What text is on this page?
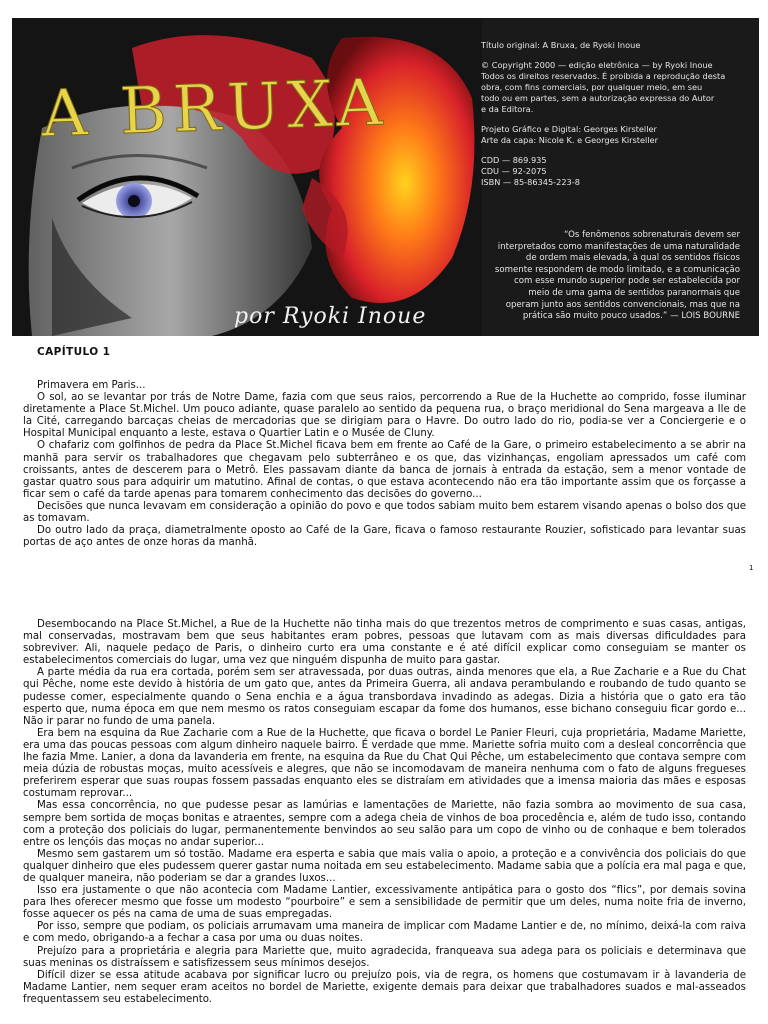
A BRUXA
por Ryoki Inoue

Título original: A Bruxa, de Ryoki Inoue

© Copyright 2000 — edição eletrônica — by Ryoki Inoue
Todos os direitos reservados. É proibida a reprodução desta
obra, com fins comerciais, por qualquer meio, em seu
todo ou em partes, sem a autorização expressa do Autor
e da Editora.

Projeto Gráfico e Digital: Georges Kirsteller
Arte da capa: Nicole K. e Georges Kirsteller

CDD — 869.935
CDU — 92-2075
ISBN — 85-86345-223-8

“Os fenômenos sobrenaturais devem ser
interpretados como manifestações de uma naturalidade
de ordem mais elevada, à qual os sentidos físicos
somente respondem de modo limitado, e a comunicação
com esse mundo superior pode ser estabelecida por
meio de uma gama de sentidos paranormais que
operam junto aos sentidos convencionais, mas que na
prática são muito pouco usados.” — LOIS BOURNE
CAPÍTULO 1

Primavera em Paris...

O sol, ao se levantar por trás de Notre Dame, fazia com que seus raios, percorrendo a Rue de la Huchette ao comprido, fosse iluminar diretamente a Place St.Michel. Um pouco adiante, quase paralelo ao sentido da pequena rua, o braço meridional do Sena margeava a Ile de la Cité, carregando barcaças cheias de mercadorias que se dirigiam para o Havre. Do outro lado do rio, podia-se ver a Conciergerie e o Hospital Municipal enquanto a leste, estava o Quartier Latin e o Musée de Cluny.

O chafariz com golfinhos de pedra da Place St.Michel ficava bem em frente ao Café de la Gare, o primeiro estabelecimento a se abrir na manhã para servir os trabalhadores que chegavam pelo subterrâneo e os que, das vizinhanças, engoliam apressados um café com croissants, antes de descerem para o Metrô. Eles passavam diante da banca de jornais à entrada da estação, sem a menor vontade de gastar quatro sous para adquirir um matutino. Afinal de contas, o que estava acontecendo não era tão importante assim que os forçasse a ficar sem o café da tarde apenas para tomarem conhecimento das decisões do governo...

Decisões que nunca levavam em consideração a opinião do povo e que todos sabiam muito bem estarem visando apenas o bolso dos que as tomavam.

Do outro lado da praça, diametralmente oposto ao Café de la Gare, ficava o famoso restaurante Rouzier, sofisticado para levantar suas portas de aço antes de onze horas da manhã.

1

Desembocando na Place St.Michel, a Rue de la Huchette não tinha mais do que trezentos metros de comprimento e suas casas, antigas, mal conservadas, mostravam bem que seus habitantes eram pobres, pessoas que lutavam com as mais diversas dificuldades para sobreviver. Ali, naquele pedaço de Paris, o dinheiro curto era uma constante e é até difícil explicar como conseguiam se manter os estabelecimentos comerciais do lugar, uma vez que ninguém dispunha de muito para gastar.

A parte média da rua era cortada, porém sem ser atravessada, por duas outras, ainda menores que ela, a Rue Zacharie e a Rue du Chat qui Pêche, nome este devido à história de um gato que, antes da Primeira Guerra, ali andava perambulando e roubando de tudo quanto se pudesse comer, especialmente quando o Sena enchia e a água transbordava invadindo as adegas. Dizia a história que o gato era tão esperto que, numa época em que nem mesmo os ratos conseguiam escapar da fome dos humanos, esse bichano conseguiu ficar gordo e... Não ir parar no fundo de uma panela.

Era bem na esquina da Rue Zacharie com a Rue de la Huchette, que ficava o bordel Le Panier Fleuri, cuja proprietária, Madame Mariette, era uma das poucas pessoas com algum dinheiro naquele bairro. É verdade que mme. Mariette sofria muito com a desleal concorrência que lhe fazia Mme. Lanier, a dona da lavanderia em frente, na esquina da Rue du Chat Qui Pêche, um estabelecimento que contava sempre com meia dúzia de robustas moças, muito acessíveis e alegres, que não se incomodavam de maneira nenhuma com o fato de alguns fregueses preferirem esperar que suas roupas fossem passadas enquanto eles se distraíam em atividades que a imensa maioria das mães e esposas costumam reprovar...

Mas essa concorrência, no que pudesse pesar as lamúrias e lamentações de Mariette, não fazia sombra ao movimento de sua casa, sempre bem sortida de moças bonitas e atraentes, sempre com a adega cheia de vinhos de boa procedência e, além de tudo isso, contando com a proteção dos policiais do lugar, permanentemente benvindos ao seu salão para um copo de vinho ou de conhaque e bem tolerados entre os lençóis das moças no andar superior...

Mesmo sem gastarem um só tostão. Madame era esperta e sabia que mais valia o apoio, a proteção e a convivência dos policiais do que qualquer dinheiro que eles pudessem querer gastar numa noitada em seu estabelecimento. Madame sabia que a polícia era mal paga e que, de qualquer maneira, não poderiam se dar a grandes luxos...

Isso era justamente o que não acontecia com Madame Lantier, excessivamente antipática para o gosto dos “flics”, por demais sovina para lhes oferecer mesmo que fosse um modesto “pourboire” e sem a sensibilidade de permitir que um deles, numa noite fria de inverno, fosse aquecer os pés na cama de uma de suas empregadas.

Por isso, sempre que podiam, os policiais arrumavam uma maneira de implicar com Madame Lantier e de, no mínimo, deixá-la com raiva e com medo, obrigando-a a fechar a casa por uma ou duas noites.

Prejuízo para a proprietária e alegria para Mariette que, muito agradecida, franqueava sua adega para os policiais e determinava que suas meninas os distraíssem e satisfizessem seus mínimos desejos.

Difícil dizer se essa atitude acabava por significar lucro ou prejuízo pois, via de regra, os homens que costumavam ir à lavanderia de Madame Lantier, nem sequer eram aceitos no bordel de Mariette, exigente demais para deixar que trabalhadores suados e mal-asseados frequentassem seu estabelecimento.
